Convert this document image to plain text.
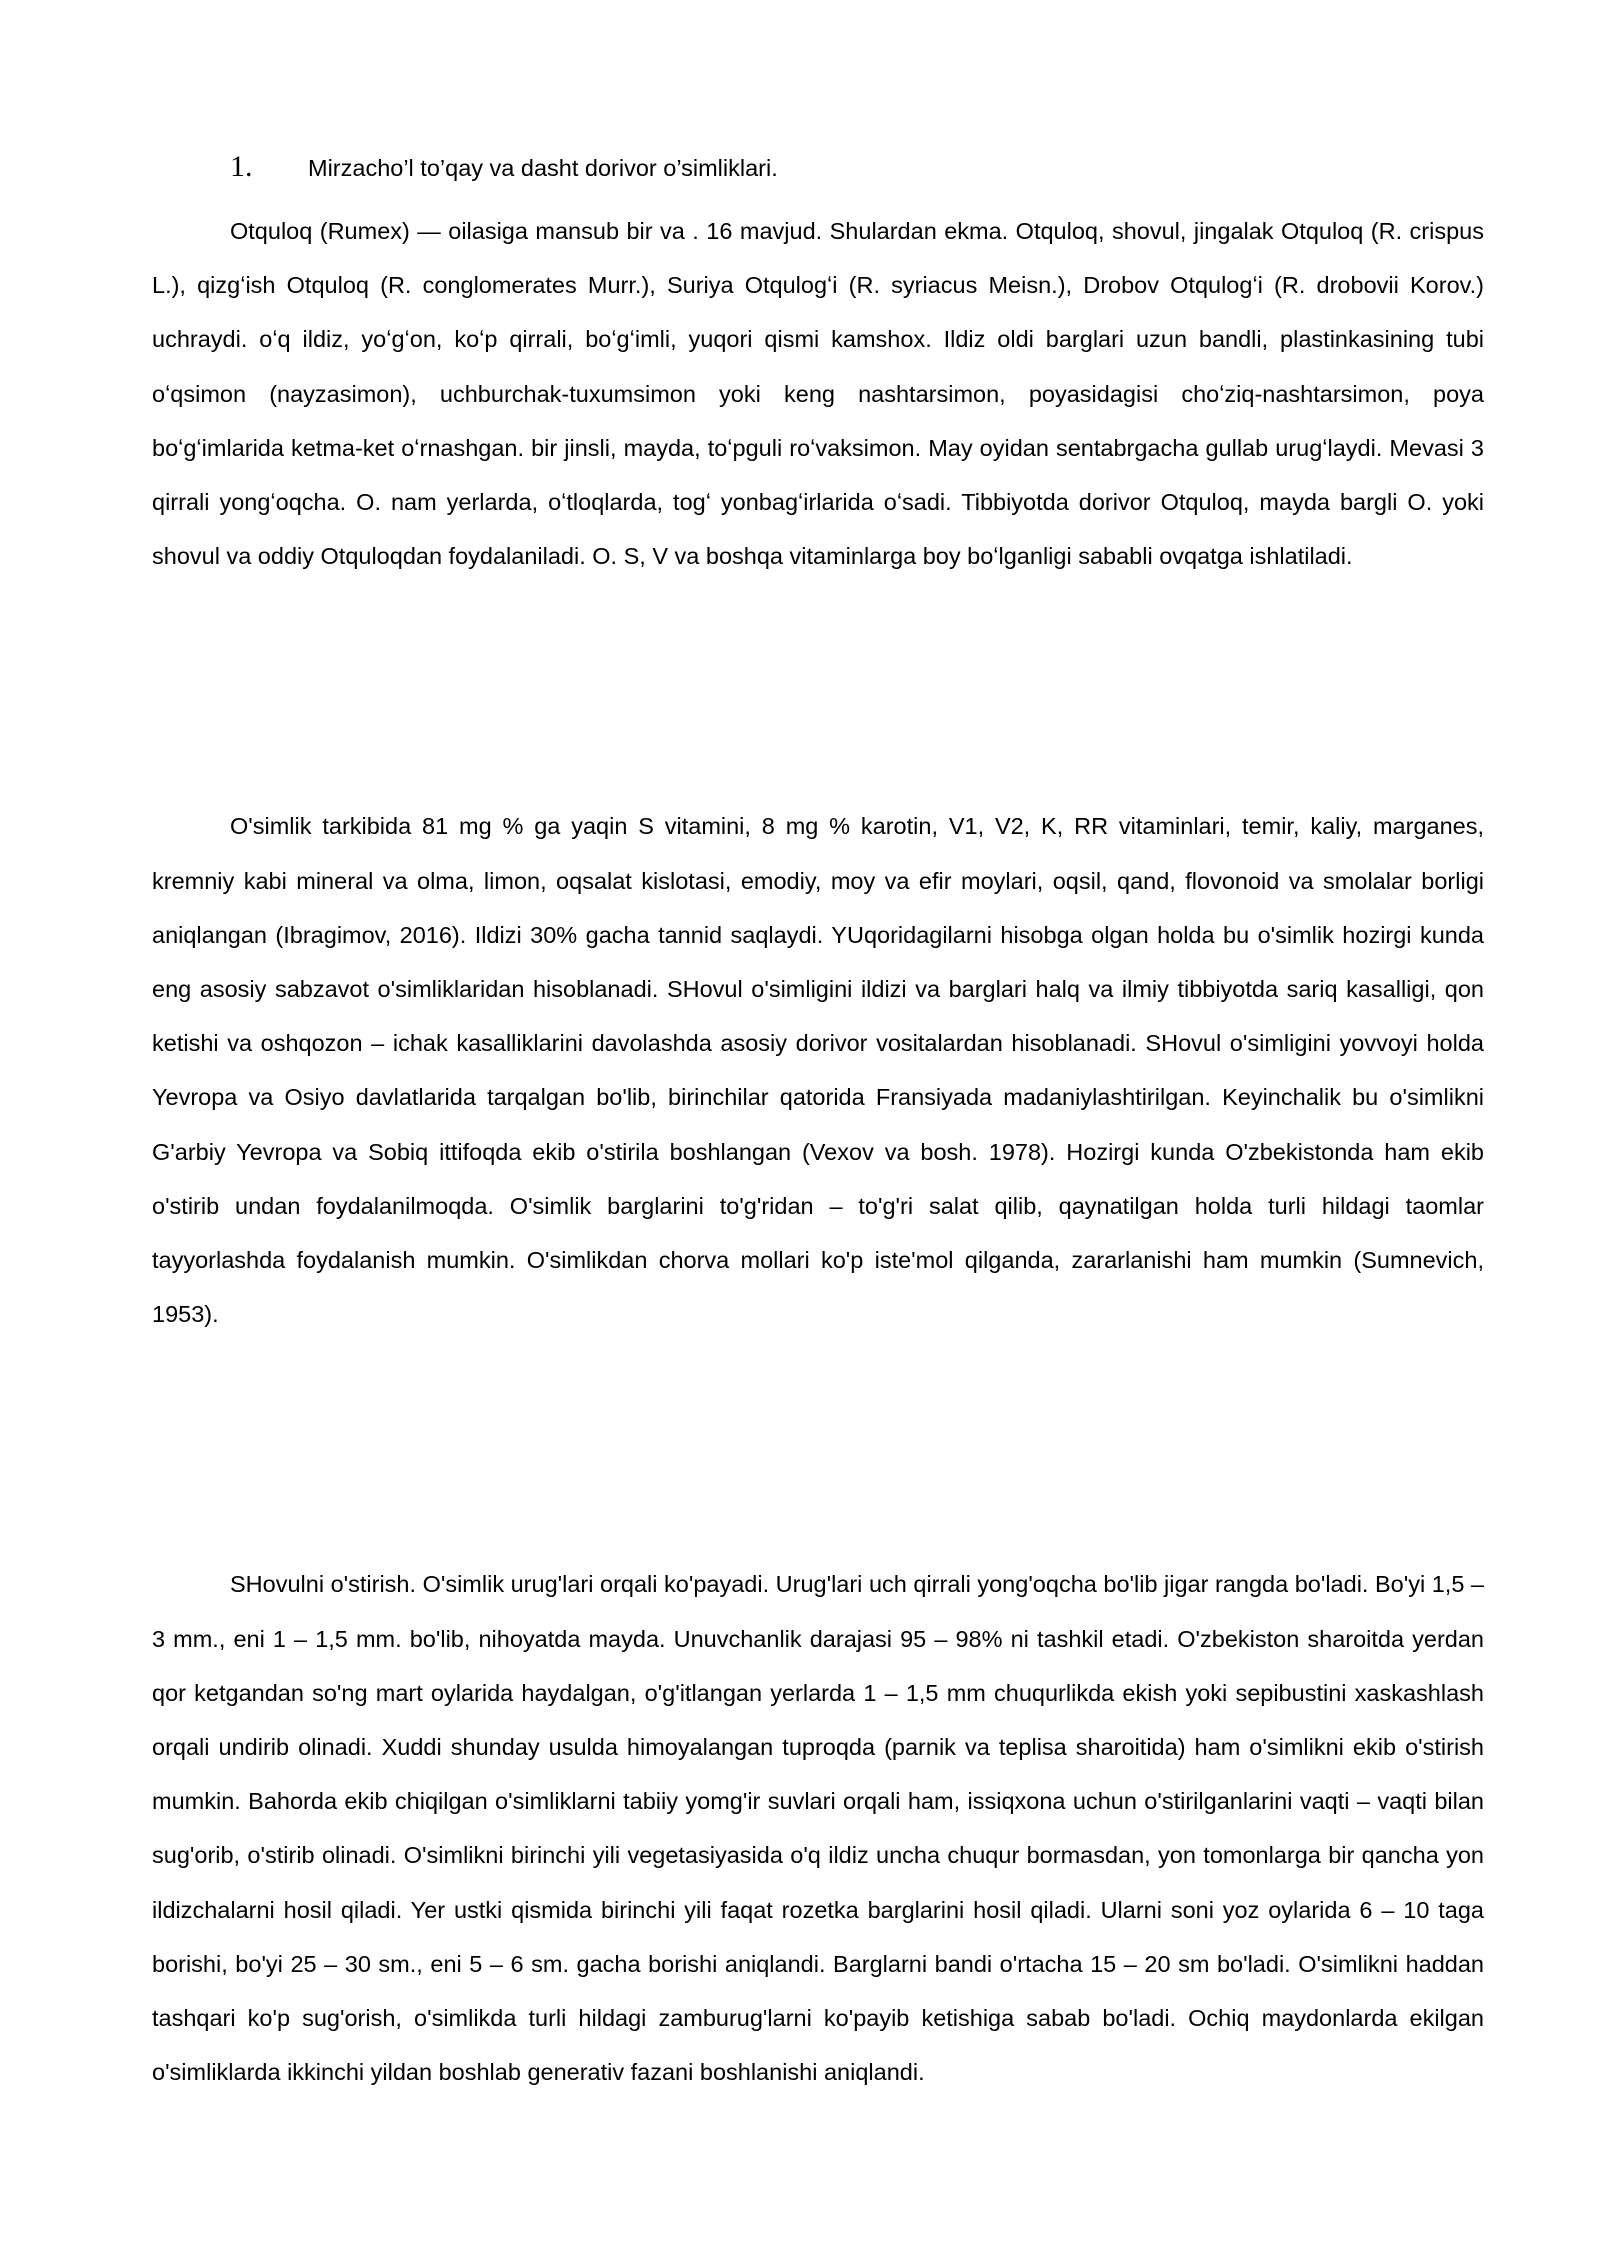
1.	Mirzacho’l to’qay va dasht dorivor o’simliklari.

Otquloq (Rumex) — oilasiga mansub bir va . 16 mavjud. Shulardan ekma. Otquloq, shovul, jingalak Otquloq (R. crispus L.), qizgʻish Otquloq (R. conglomerates Murr.), Suriya Otqulogʻi (R. syriacus Meisn.), Drobov Otqulogʻi (R. drobovii Korov.) uchraydi. oʻq ildiz, yoʻgʻon, koʻp qirrali, boʻgʻimli, yuqori qismi kamshox. Ildiz oldi barglari uzun bandli, plastinkasining tubi oʻqsimon (nayzasimon), uchburchak-tuxumsimon yoki keng nashtarsimon, poyasidagisi choʻziq-nashtarsimon, poya boʻgʻimlarida ketma-ket oʻrnashgan. bir jinsli, mayda, toʻpguli roʻvaksimon. May oyidan sentabrgacha gullab urugʻlaydi. Mevasi 3 qirrali yongʻoqcha. O. nam yerlarda, oʻtloqlarda, togʻ yonbagʻirlarida oʻsadi. Tibbiyotda dorivor Otquloq, mayda bargli O. yoki shovul va oddiy Otquloqdan foydalaniladi. O. S, V va boshqa vitaminlarga boy boʻlganligi sababli ovqatga ishlatiladi.

O'simlik tarkibida 81 mg % ga yaqin S vitamini, 8 mg % karotin, V1, V2, K, RR vitaminlari, temir, kaliy, marganes, kremniy kabi mineral va olma, limon, oqsalat kislotasi, emodiy, moy va efir moylari, oqsil, qand, flovonoid va smolalar borligi aniqlangan (Ibragimov, 2016). Ildizi 30% gacha tannid saqlaydi. YUqoridagilarni hisobga olgan holda bu o'simlik hozirgi kunda eng asosiy sabzavot o'simliklaridan hisoblanadi. SHovul o'simligini ildizi va barglari halq va ilmiy tibbiyotda sariq kasalligi, qon ketishi va oshqozon – ichak kasalliklarini davolashda asosiy dorivor vositalardan hisoblanadi. SHovul o'simligini yovvoyi holda Yevropa va Osiyo davlatlarida tarqalgan bo'lib, birinchilar qatorida Fransiyada madaniylashtirilgan. Keyinchalik bu o'simlikni G'arbiy Yevropa va Sobiq ittifoqda ekib o'stirila boshlangan (Vexov va bosh. 1978). Hozirgi kunda O'zbekistonda ham ekib o'stirib undan foydalanilmoqda. O'simlik barglarini to'g'ridan – to'g'ri salat qilib, qaynatilgan holda turli hildagi taomlar tayyorlashda foydalanish mumkin. O'simlikdan chorva mollari ko'p iste'mol qilganda, zararlanishi ham mumkin (Sumnevich, 1953).

SHovulni o'stirish. O'simlik urug'lari orqali ko'payadi. Urug'lari uch qirrali yong'oqcha bo'lib jigar rangda bo'ladi. Bo'yi 1,5 – 3 mm., eni 1 – 1,5 mm. bo'lib, nihoyatda mayda. Unuvchanlik darajasi 95 – 98% ni tashkil etadi. O'zbekiston sharoitda yerdan qor ketgandan so'ng mart oylarida haydalgan, o'g'itlangan yerlarda 1 – 1,5 mm chuqurlikda ekish yoki sepibustini xaskashlash orqali undirib olinadi. Xuddi shunday usulda himoyalangan tuproqda (parnik va teplisa sharoitida) ham o'simlikni ekib o'stirish mumkin. Bahorda ekib chiqilgan o'simliklarni tabiiy yomg'ir suvlari orqali ham, issiqxona uchun o'stirilganlarini vaqti – vaqti bilan sug'orib, o'stirib olinadi. O'simlikni birinchi yili vegetasiyasida o'q ildiz uncha chuqur bormasdan, yon tomonlarga bir qancha yon ildizchalarni hosil qiladi. Yer ustki qismida birinchi yili faqat rozetka barglarini hosil qiladi. Ularni soni yoz oylarida 6 – 10 taga borishi, bo'yi 25 – 30 sm., eni 5 – 6 sm. gacha borishi aniqlandi. Barglarni bandi o'rtacha 15 – 20 sm bo'ladi. O'simlikni haddan tashqari ko'p sug'orish, o'simlikda turli hildagi zamburug'larni ko'payib ketishiga sabab bo'ladi. Ochiq maydonlarda ekilgan o'simliklarda ikkinchi yildan boshlab generativ fazani boshlanishi aniqlandi.
